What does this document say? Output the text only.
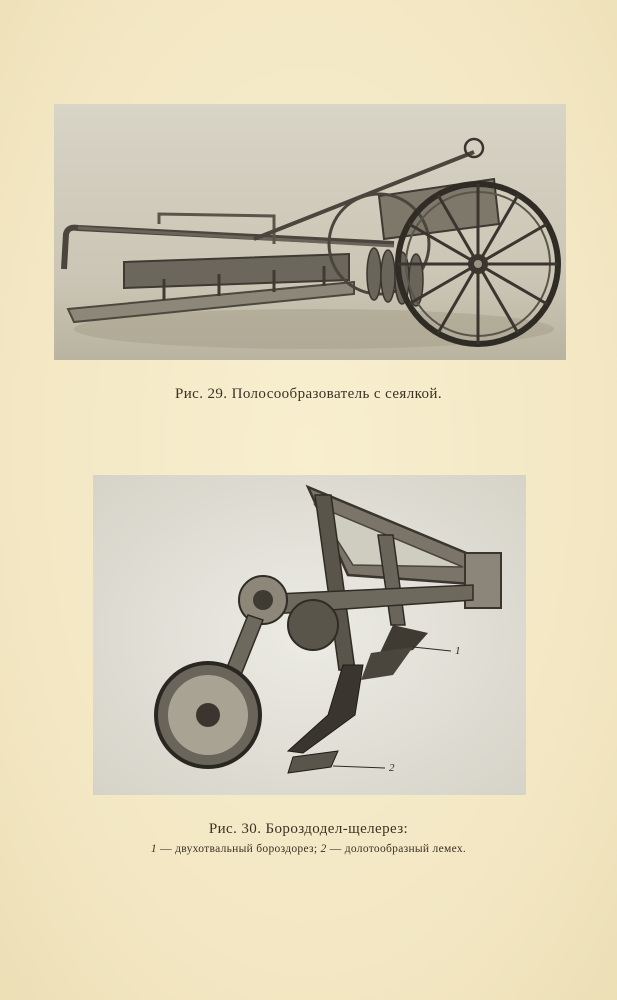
Рис. 29. Полосообразователь с сеялкой.
1
2
Рис. 30. Бороздодел-щелерез:
1 — двухотвальный бороздорез; 2 — долотообразный лемех.
